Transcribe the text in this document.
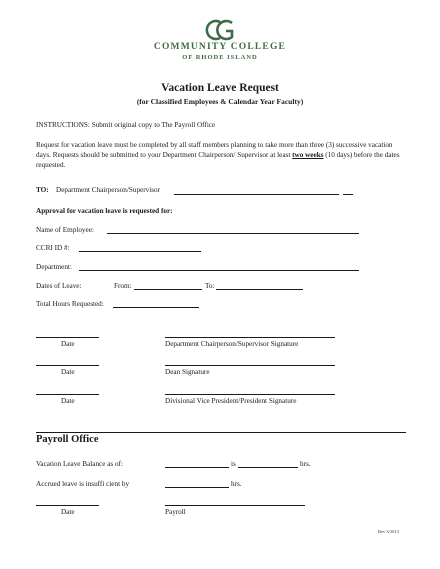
COMMUNITY COLLEGE
OF RHODE ISLAND
Vacation Leave Request
(for Classified Employees & Calendar Year Faculty)
INSTRUCTIONS: Submit original copy to The Payroll Office
Request for vacation leave must be completed by all staff members planning to take more than three (3) successive vacation days. Requests should be submitted to your Department Chairperson/ Supervisor at least two weeks (10 days) before the dates requested.
TO: Department Chairperson/Supervisor
Approval for vacation leave is requested for:
Name of Employee:
CCRI ID #:
Department:
Dates of Leave:	From:	To:
Total Hours Requested:
Date	Department Chairperson/Supervisor Signature
Date	Dean Signature
Date	Divisional Vice President/President Signature
Payroll Office
Vacation Leave Balance as of:	is	hrs.
Accrued leave is insuffi cient by	hrs.
Date	Payroll
Rev 3/2013
